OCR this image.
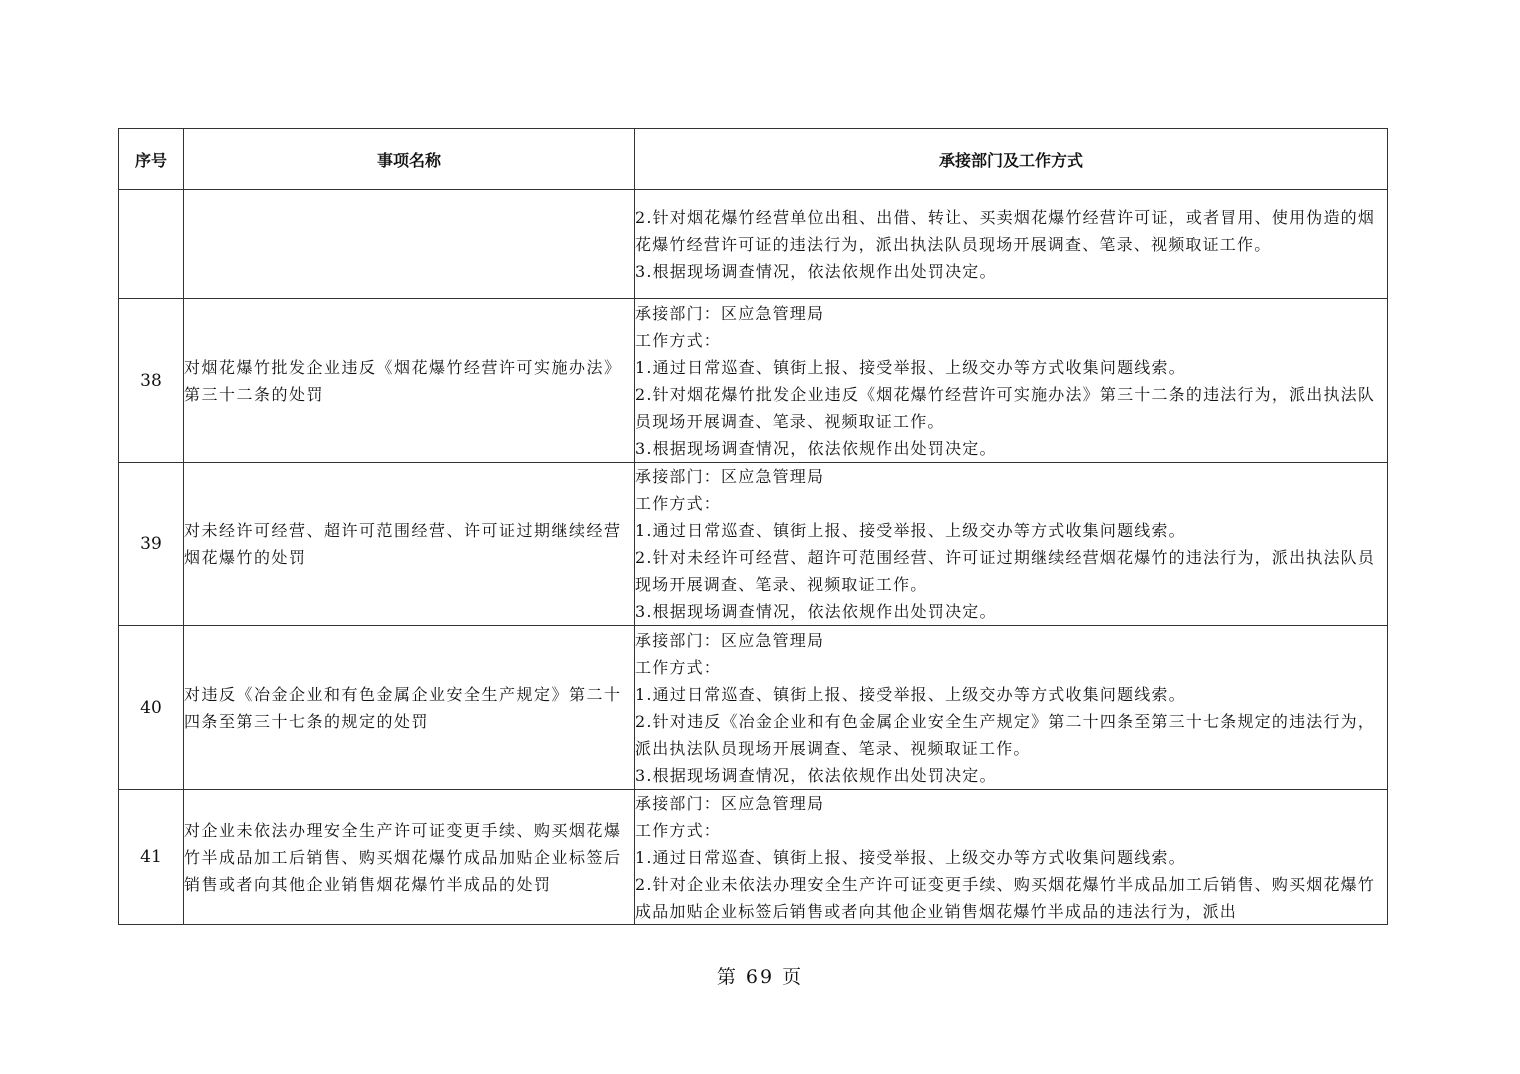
序号	事项名称	承接部门及工作方式

		2.针对烟花爆竹经营单位出租、出借、转让、买卖烟花爆竹经营许可证，或者冒用、使用伪造的烟花爆竹经营许可证的违法行为，派出执法队员现场开展调查、笔录、视频取证工作。
3.根据现场调查情况，依法依规作出处罚决定。

38	对烟花爆竹批发企业违反《烟花爆竹经营许可实施办法》第三十二条的处罚	承接部门：区应急管理局
工作方式：
1.通过日常巡查、镇街上报、接受举报、上级交办等方式收集问题线索。
2.针对烟花爆竹批发企业违反《烟花爆竹经营许可实施办法》第三十二条的违法行为，派出执法队员现场开展调查、笔录、视频取证工作。
3.根据现场调查情况，依法依规作出处罚决定。

39	对未经许可经营、超许可范围经营、许可证过期继续经营烟花爆竹的处罚	承接部门：区应急管理局
工作方式：
1.通过日常巡查、镇街上报、接受举报、上级交办等方式收集问题线索。
2.针对未经许可经营、超许可范围经营、许可证过期继续经营烟花爆竹的违法行为，派出执法队员现场开展调查、笔录、视频取证工作。
3.根据现场调查情况，依法依规作出处罚决定。

40	对违反《冶金企业和有色金属企业安全生产规定》第二十四条至第三十七条的规定的处罚	承接部门：区应急管理局
工作方式：
1.通过日常巡查、镇街上报、接受举报、上级交办等方式收集问题线索。
2.针对违反《冶金企业和有色金属企业安全生产规定》第二十四条至第三十七条规定的违法行为，派出执法队员现场开展调查、笔录、视频取证工作。
3.根据现场调查情况，依法依规作出处罚决定。

41	对企业未依法办理安全生产许可证变更手续、购买烟花爆竹半成品加工后销售、购买烟花爆竹成品加贴企业标签后销售或者向其他企业销售烟花爆竹半成品的处罚	承接部门：区应急管理局
工作方式：
1.通过日常巡查、镇街上报、接受举报、上级交办等方式收集问题线索。
2.针对企业未依法办理安全生产许可证变更手续、购买烟花爆竹半成品加工后销售、购买烟花爆竹成品加贴企业标签后销售或者向其他企业销售烟花爆竹半成品的违法行为，派出
第 69 页
